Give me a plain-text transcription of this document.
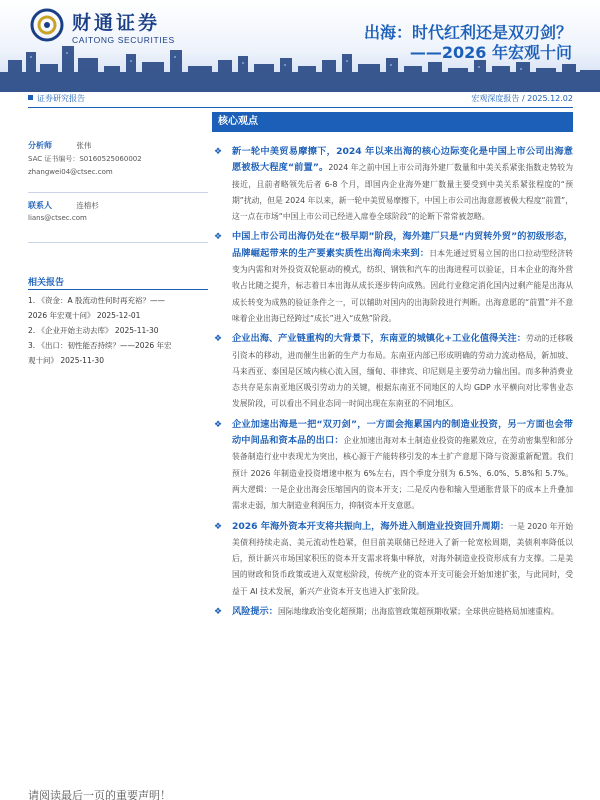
财通证券
CAITONG SECURITIES	出海：时代红利还是双刃剑？
——2026 年宏观十问
证券研究报告	宏观深度报告 / 2025.12.02
分析师	张伟
SAC 证书编号：S0160525060002
zhangwei04@ctsec.com
联系人	连榕杉
lians@ctsec.com
相关报告
1. 《资金：A 股流动性何时再充裕？——
2026 年宏观十问》 2025-12-01
2. 《企业开始主动去库》 2025-11-30
3. 《出口：韧性能否持续？——2026 年宏
观十问》 2025-11-30
核心观点
❖ 新一轮中美贸易摩擦下，2024 年以来出海的核心边际变化是中国上市公司出海意愿被极大程度“前置”。2024 年之前中国上市公司海外建厂数量和中美关系紧张指数走势较为接近，且前者略领先后者 6-8 个月，即国内企业海外建厂数量主要受到中美关系紧张程度的“预期”扰动，但是 2024 年以来，新一轮中美贸易摩擦下，中国上市公司出海意愿被极大程度“前置”，这一点在市场“中国上市公司已经进入席卷全球阶段”的论断下常常被忽略。

❖ 中国上市公司出海仍处在“极早期”阶段，海外建厂只是“内贸转外贸”的初级形态，品牌崛起带来的生产要素实质性出海尚未来到：日本先通过贸易立国的出口拉动型经济转变为内需和对外投资双轮驱动的模式，纺织、钢铁和汽车的出海进程可以验证，日本企业的海外营收占比随之提升，标志着日本出海从成长逐步转向成熟。因此行业稳定消化国内过剩产能是出海从成长转变为成熟的验证条件之一，可以辅助对国内的出海阶段进行判断。出海意愿的“前置”并不意味着企业出海已经跨过“成长”进入“成熟”阶段。

❖ 企业出海、产业链重构的大背景下，东南亚的城镇化+工业化值得关注：劳动的迁移吸引资本的移动，进而催生出新的生产力布局。东南亚内部已形成明确的劳动力流动格局，新加坡、马来西亚、泰国是区域内核心流入国，缅甸、菲律宾、印尼则是主要劳动力输出国。而多种消费业态共存是东南亚地区吸引劳动力的关键，根据东南亚不同地区的人均 GDP 水平横向对比零售业态发展阶段，可以看出不同业态同一时间出现在东南亚的不同地区。

❖ 企业加速出海是一把“双刃剑”，一方面会拖累国内的制造业投资，另一方面也会带动中间品和资本品的出口：企业加速出海对本土制造业投资的拖累效应，在劳动密集型和部分装备制造行业中表现尤为突出，核心源于产能转移引发的本土扩产意愿下降与资源重新配置。我们预计 2026 年制造业投资增速中枢为 6%左右，四个季度分别为 6.5%、6.0%、5.8%和 5.7%。两大逻辑：一是企业出海会压缩国内的资本开支；二是反内卷和输入型通胀背景下的成本上升叠加需求走弱，加大制造业利润压力，抑制资本开支意愿。

❖ 2026 年海外资本开支将共振向上，海外进入制造业投资回升周期：一是 2020 年开始美债利持续走高、美元流动性趋紧，但目前美联储已经进入了新一轮宽松周期，美债利率降低以后，预计新兴市场国家积压的资本开支需求将集中释放，对海外制造业投资形成有力支撑。二是美国的财政和货币政策或进入双宽松阶段，传统产业的资本开支可能会开始加速扩张，与此同时，受益于 AI 技术发展，新兴产业资本开支也进入扩张阶段。

❖ 风险提示：国际地缘政治变化超预期；出海监管政策超预期收紧；全球供应链格局加速重构。

请阅读最后一页的重要声明！
